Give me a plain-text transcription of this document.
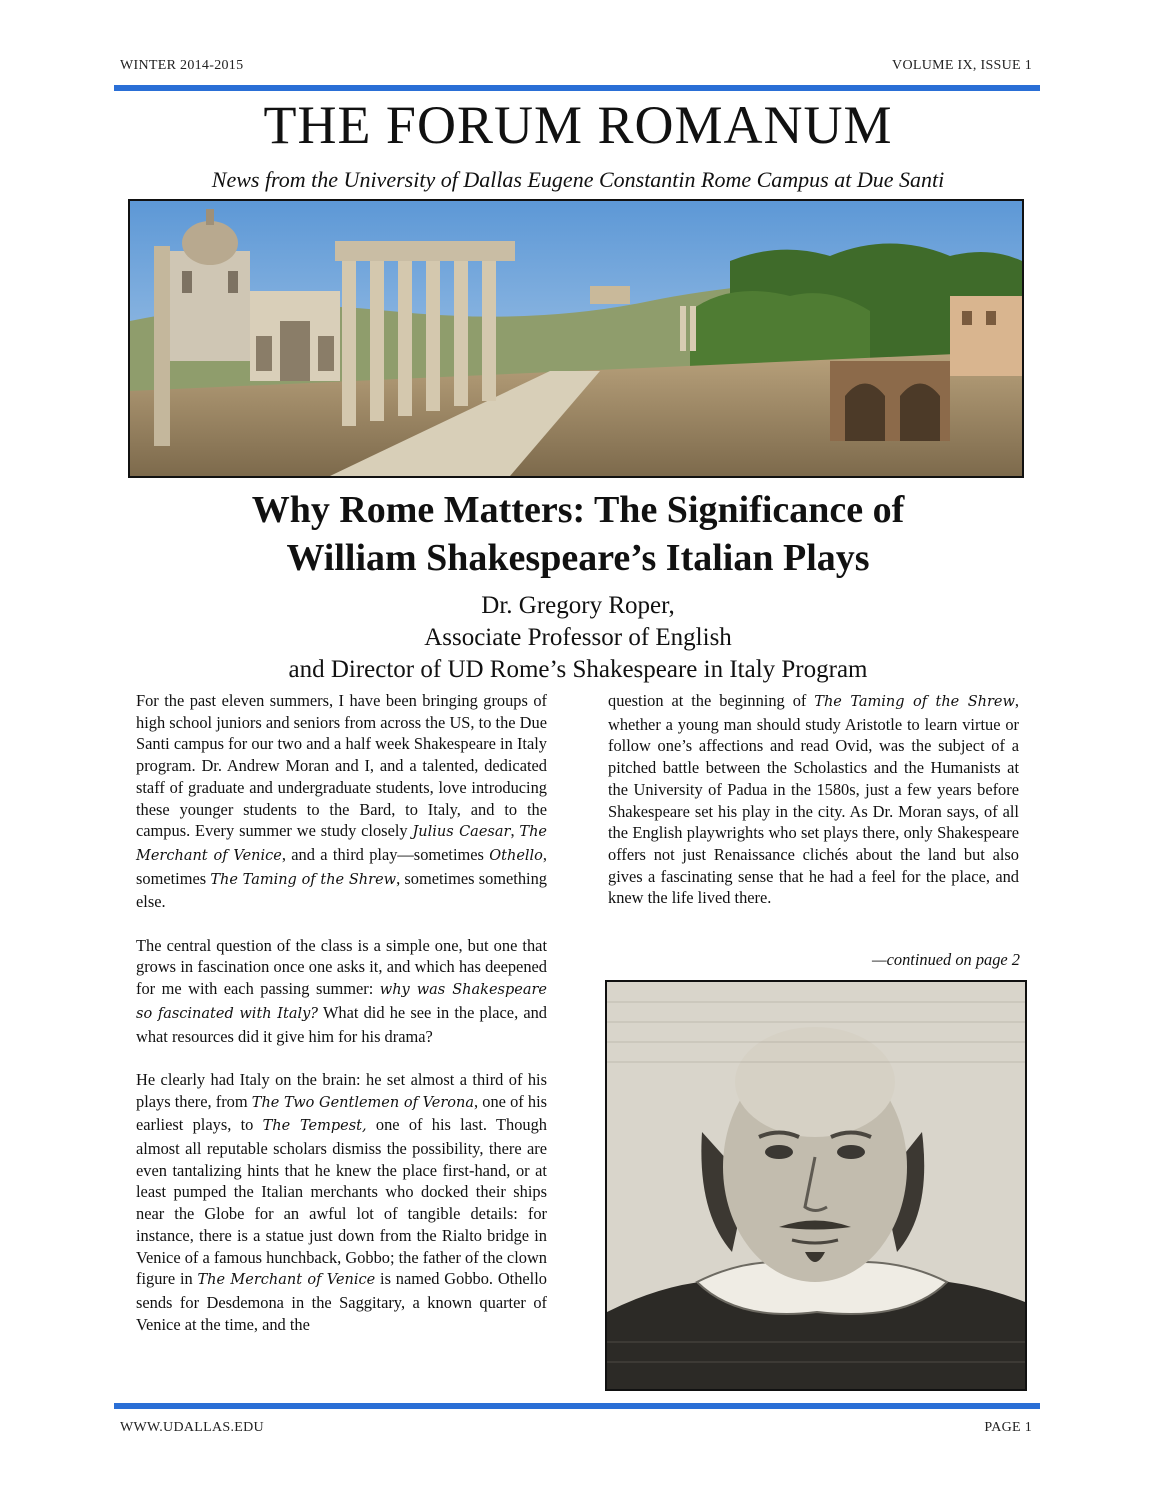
WINTER 2014-2015	VOLUME IX, ISSUE 1
THE FORUM ROMANUM
News from the University of Dallas Eugene Constantin Rome Campus at Due Santi
Why Rome Matters: The Significance of
William Shakespeare’s Italian Plays
Dr. Gregory Roper,
Associate Professor of English
and Director of UD Rome’s Shakespeare in Italy Program

For the past eleven summers, I have been bringing groups of high school juniors and seniors from across the US, to the Due Santi campus for our two and a half week Shakespeare in Italy program. Dr. Andrew Moran and I, and a talented, dedicated staff of graduate and undergraduate students, love introducing these younger students to the Bard, to Italy, and to the campus. Every summer we study closely Julius Caesar, The Merchant of Venice, and a third play—sometimes Othello, sometimes The Taming of the Shrew, sometimes something else.

The central question of the class is a simple one, but one that grows in fascination once one asks it, and which has deepened for me with each passing summer: why was Shakespeare so fascinated with Italy? What did he see in the place, and what resources did it give him for his drama?

He clearly had Italy on the brain: he set almost a third of his plays there, from The Two Gentlemen of Verona, one of his earliest plays, to The Tempest, one of his last. Though almost all reputable scholars dismiss the possibility, there are even tantalizing hints that he knew the place first-hand, or at least pumped the Italian merchants who docked their ships near the Globe for an awful lot of tangible details: for instance, there is a statue just down from the Rialto bridge in Venice of a famous hunchback, Gobbo; the father of the clown figure in The Merchant of Venice is named Gobbo. Othello sends for Desdemona in the Saggitary, a known quarter of Venice at the time, and the

question at the beginning of The Taming of the Shrew, whether a young man should study Aristotle to learn virtue or follow one’s affections and read Ovid, was the subject of a pitched battle between the Scholastics and the Humanists at the University of Padua in the 1580s, just a few years before Shakespeare set his play in the city. As Dr. Moran says, of all the English playwrights who set plays there, only Shakespeare offers not just Renaissance clichés about the land but also gives a fascinating sense that he had a feel for the place, and knew the life lived there.

—continued on page 2
WWW.UDALLAS.EDU	PAGE 1
